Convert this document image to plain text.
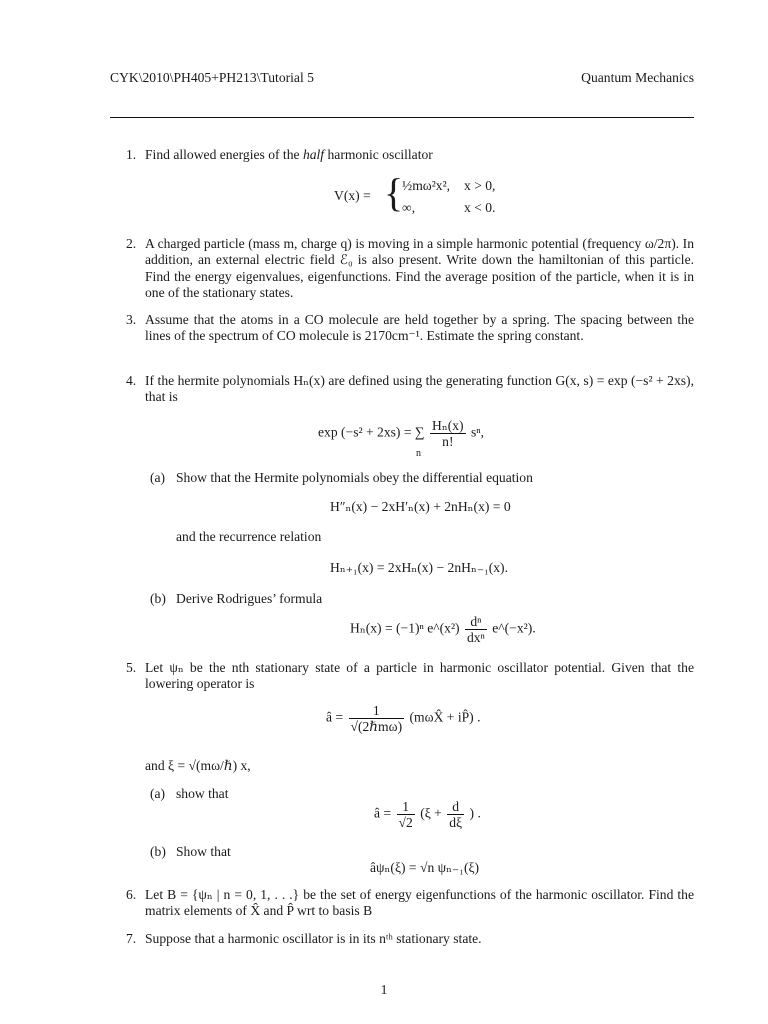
CYK\2010\PH405+PH213\Tutorial 5	Quantum Mechanics
1. Find allowed energies of the half harmonic oscillator
V(x) = {
½mω²x², x > 0,
∞,	x < 0.
2. A charged particle (mass m, charge q) is moving in a simple harmonic potential (frequency ω/2π). In addition, an external electric field ℰ₀ is also present. Write down the hamiltonian of this particle. Find the energy eigenvalues, eigenfunctions. Find the average position of the particle, when it is in one of the stationary states.
3. Assume that the atoms in a CO molecule are held together by a spring. The spacing between the lines of the spectrum of CO molecule is 2170cm⁻¹. Estimate the spring constant.
4. If the hermite polynomials Hₙ(x) are defined using the generating function G(x, s) = exp (−s² + 2xs), that is
exp (−s² + 2xs) = ∑ $\frac{\text{Hₙ(x)}}{n!} s^n$,
n
(a) Show that the Hermite polynomials obey the differential equation
H″ₙ(x) − 2xH′ₙ(x) + 2nHₙ(x) = 0
and the recurrence relation
Hₙ₊₁(x) = 2xHₙ(x) − 2nHₙ₋₁(x).
(b) Derive Rodrigues’ formula
Hₙ(x) = (−1)ⁿ e^(x²) $\frac{\text{dⁿ}}{\text{dxⁿ}}$ e^(−x²).
5. Let ψₙ be the nth stationary state of a particle in harmonic oscillator potential. Given that the lowering operator is
â = $\frac{1}{\text{√(2ℏmω)}}$ (mωX̂ + iP̂) .
and ξ = √(mω/ℏ) x,
(a) show that
â = $\frac{1}{√2} (\xi + \frac{d}{d\xi}$ ) .
(b) Show that
âψₙ(ξ) = √n ψₙ₋₁(ξ)
6. Let B = {ψₙ | n = 0, 1, . . .} be the set of energy eigenfunctions of the harmonic oscillator. Find the matrix elements of X̂ and P̂ wrt to basis B
7. Suppose that a harmonic oscillator is in its nᵗʰ stationary state.
1
